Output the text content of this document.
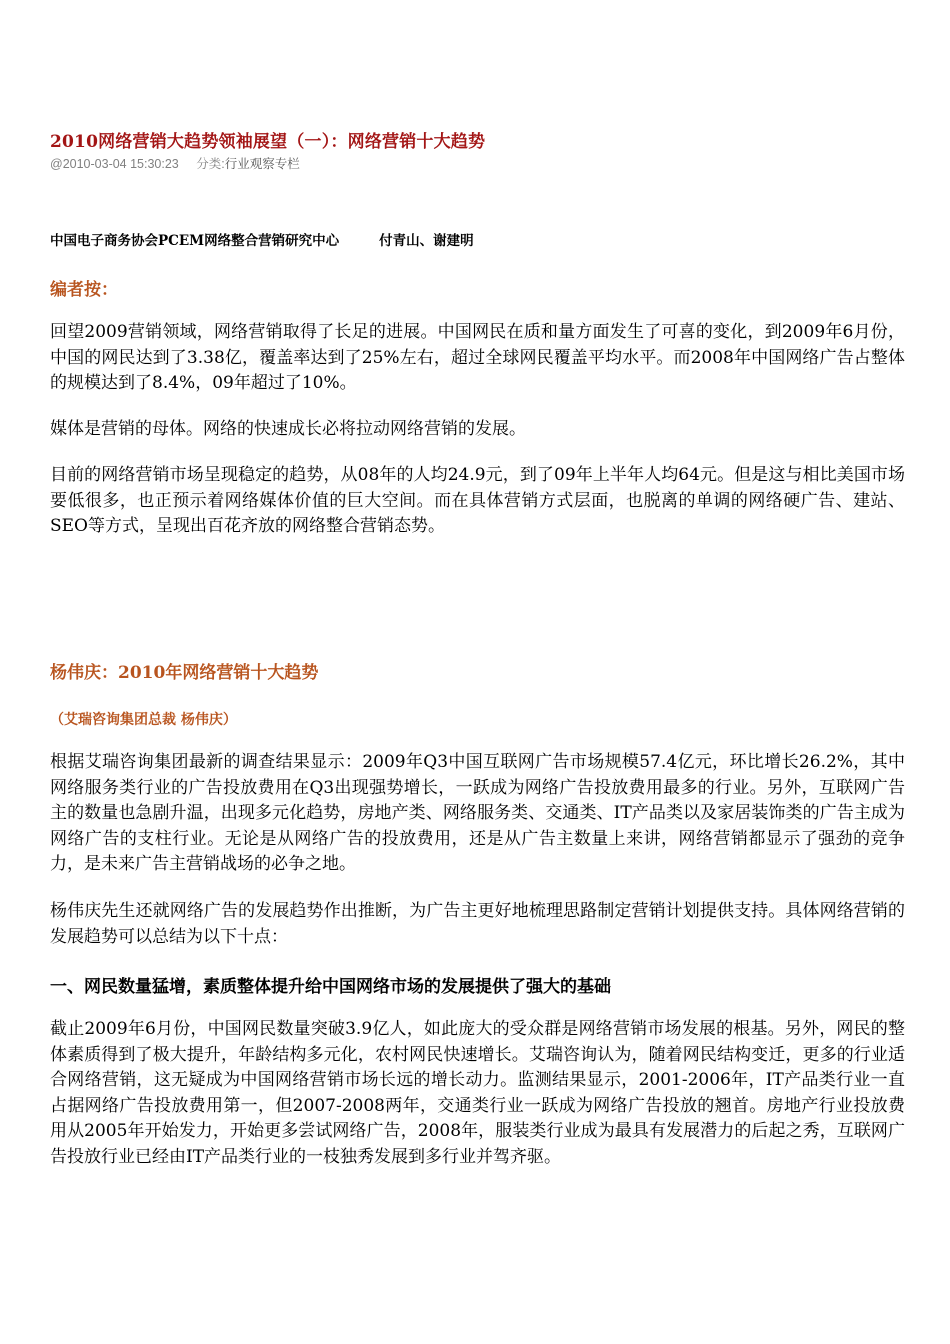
2010网络营销大趋势领袖展望（一）：网络营销十大趋势
@2010-03-04 15:30:23 分类:行业观察专栏
中国电子商务协会PCEM网络整合营销研究中心	付青山、谢建明
编者按：

回望2009营销领域，网络营销取得了长足的进展。中国网民在质和量方面发生了可喜的变化，到2009年6月份，中国的网民达到了3.38亿，覆盖率达到了25%左右，超过全球网民覆盖平均水平。而2008年中国网络广告占整体的规模达到了8.4%，09年超过了10%。

媒体是营销的母体。网络的快速成长必将拉动网络营销的发展。

目前的网络营销市场呈现稳定的趋势，从08年的人均24.9元，到了09年上半年人均64元。但是这与相比美国市场要低很多，也正预示着网络媒体价值的巨大空间。而在具体营销方式层面，也脱离的单调的网络硬广告、建站、SEO等方式，呈现出百花齐放的网络整合营销态势。

杨伟庆：2010年网络营销十大趋势
（艾瑞咨询集团总裁 杨伟庆）

根据艾瑞咨询集团最新的调查结果显示：2009年Q3中国互联网广告市场规模57.4亿元，环比增长26.2%，其中网络服务类行业的广告投放费用在Q3出现强势增长，一跃成为网络广告投放费用最多的行业。另外，互联网广告主的数量也急剧升温，出现多元化趋势，房地产类、网络服务类、交通类、IT产品类以及家居装饰类的广告主成为网络广告的支柱行业。无论是从网络广告的投放费用，还是从广告主数量上来讲，网络营销都显示了强劲的竞争力，是未来广告主营销战场的必争之地。

杨伟庆先生还就网络广告的发展趋势作出推断，为广告主更好地梳理思路制定营销计划提供支持。具体网络营销的发展趋势可以总结为以下十点：

一、网民数量猛增，素质整体提升给中国网络市场的发展提供了强大的基础

截止2009年6月份，中国网民数量突破3.9亿人，如此庞大的受众群是网络营销市场发展的根基。另外，网民的整体素质得到了极大提升，年龄结构多元化，农村网民快速增长。艾瑞咨询认为，随着网民结构变迁，更多的行业适合网络营销，这无疑成为中国网络营销市场长远的增长动力。监测结果显示，2001-2006年，IT产品类行业一直占据网络广告投放费用第一，但2007-2008两年，交通类行业一跃成为网络广告投放的翘首。房地产行业投放费用从2005年开始发力，开始更多尝试网络广告，2008年，服装类行业成为最具有发展潜力的后起之秀，互联网广告投放行业已经由IT产品类行业的一枝独秀发展到多行业并驾齐驱。
